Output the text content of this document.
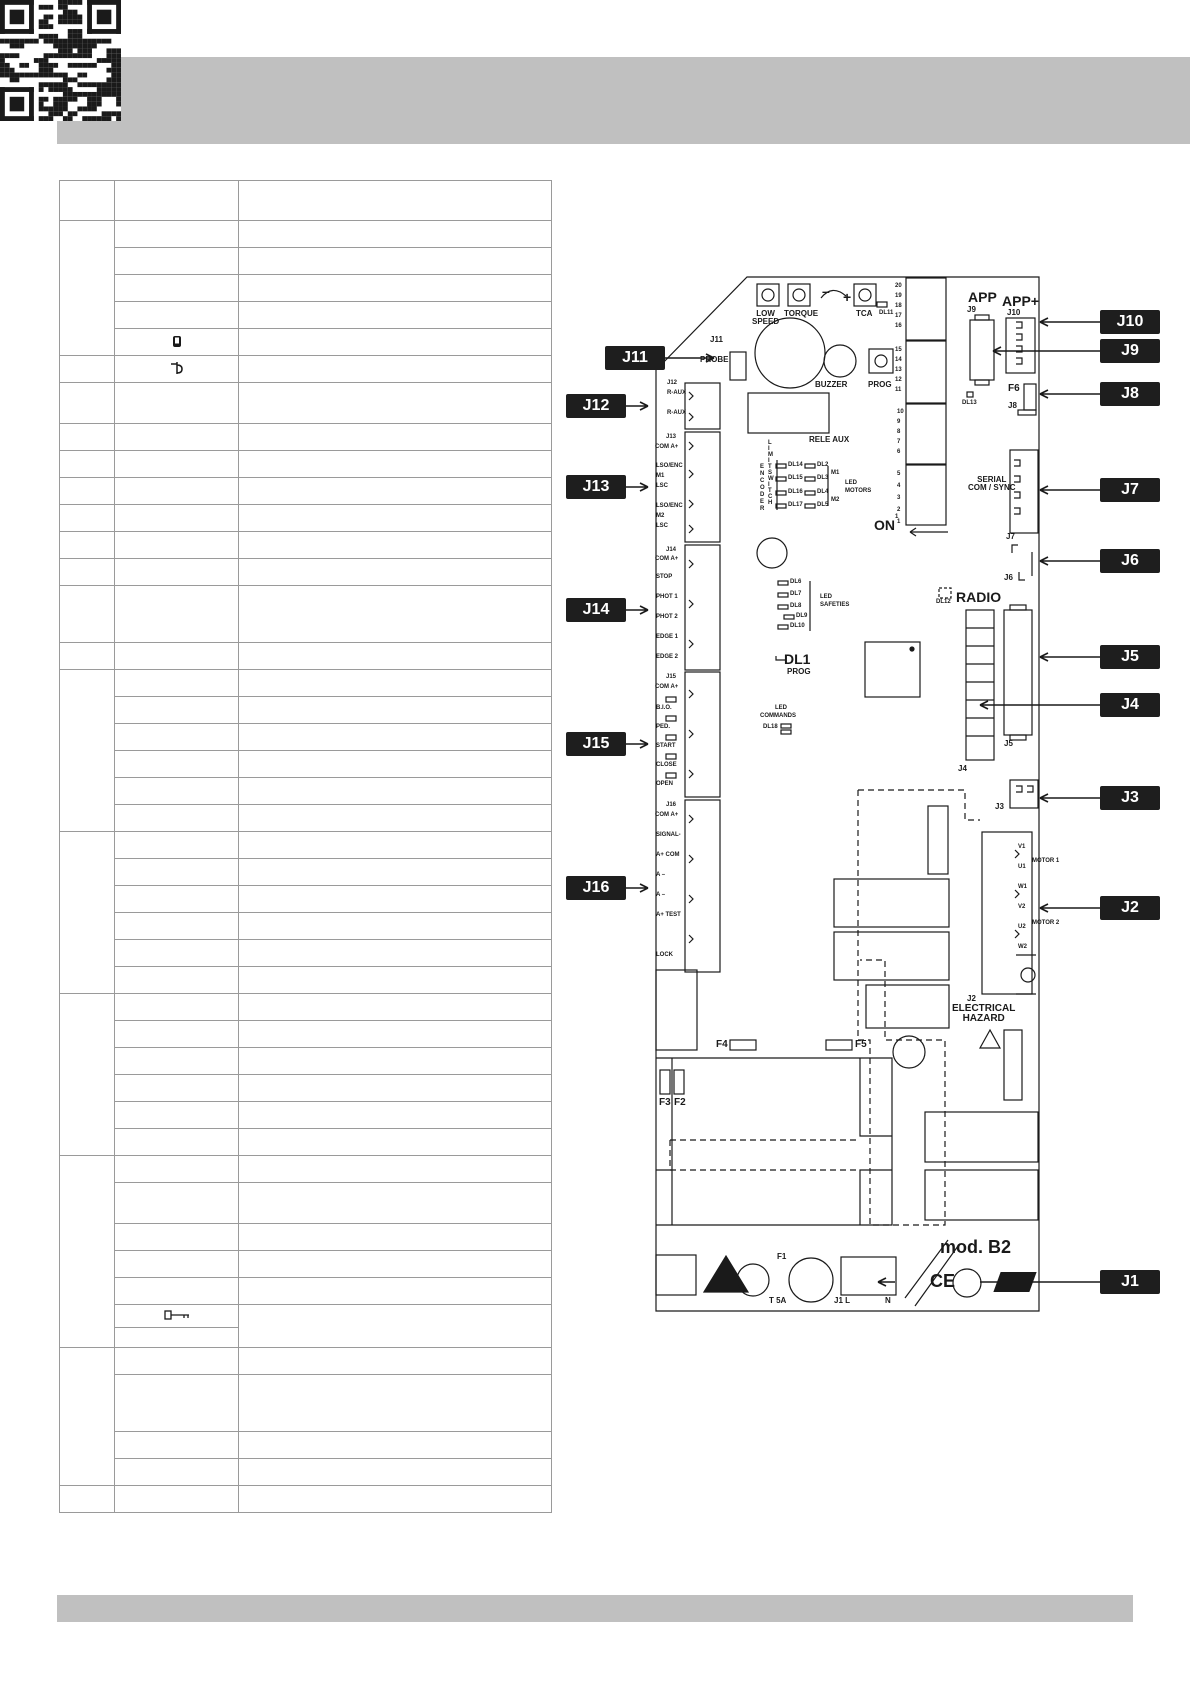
LOW
SPEED
TORQUE	TCA
– +
DL11
20
19
18
17
16
15
14
13
12
11
10
9
8
7
6
5
4
3
2
1
APP APP+
J9	J10
J11
PROBE
BUZZER	PROG
DL13
F6
J8
J12
R-AUX
R-AUX
RELE AUX
J13
COM A+
LSO/ENC
M1
LSC
LSO/ENC
M2
LSC
E
N
C
O
D
E
R
L
I
M
I
T
S
W
I
T
C
H
DL14
DL15
DL16
DL17
DL2
DL3
DL4
DL5
M1
M2
LED
MOTORS
SERIAL
COM / SYNC
J7
ON 1
J6
J14
COM A+
STOP
PHOT 1
PHOT 2
EDGE 1
EDGE 2
DL6
DL7
DL8
DL9
DL10
LED
SAFETIES	DL12 RADIO
DL1
PROG
J15
COM A+
B.I.O.
PED.
START
CLOSE
OPEN
LED
COMMANDS
DL18
J4
J5
J3
J16
COM A+
SIGNAL-
A+ COM
A –
A –
A+ TEST
LOCK
V1
U1
W1
MOTOR 1
V2
U2
W2
MOTOR 2
J2
ELECTRICAL
HAZARD
F4	F5
F3 F2
mod. B2
F1
T 5A	J1 L	N
CE
J10
J9
J11
J8
J12
J13	J7
J6
J14
J5
J4
J15
J3
J16
J2
J1
